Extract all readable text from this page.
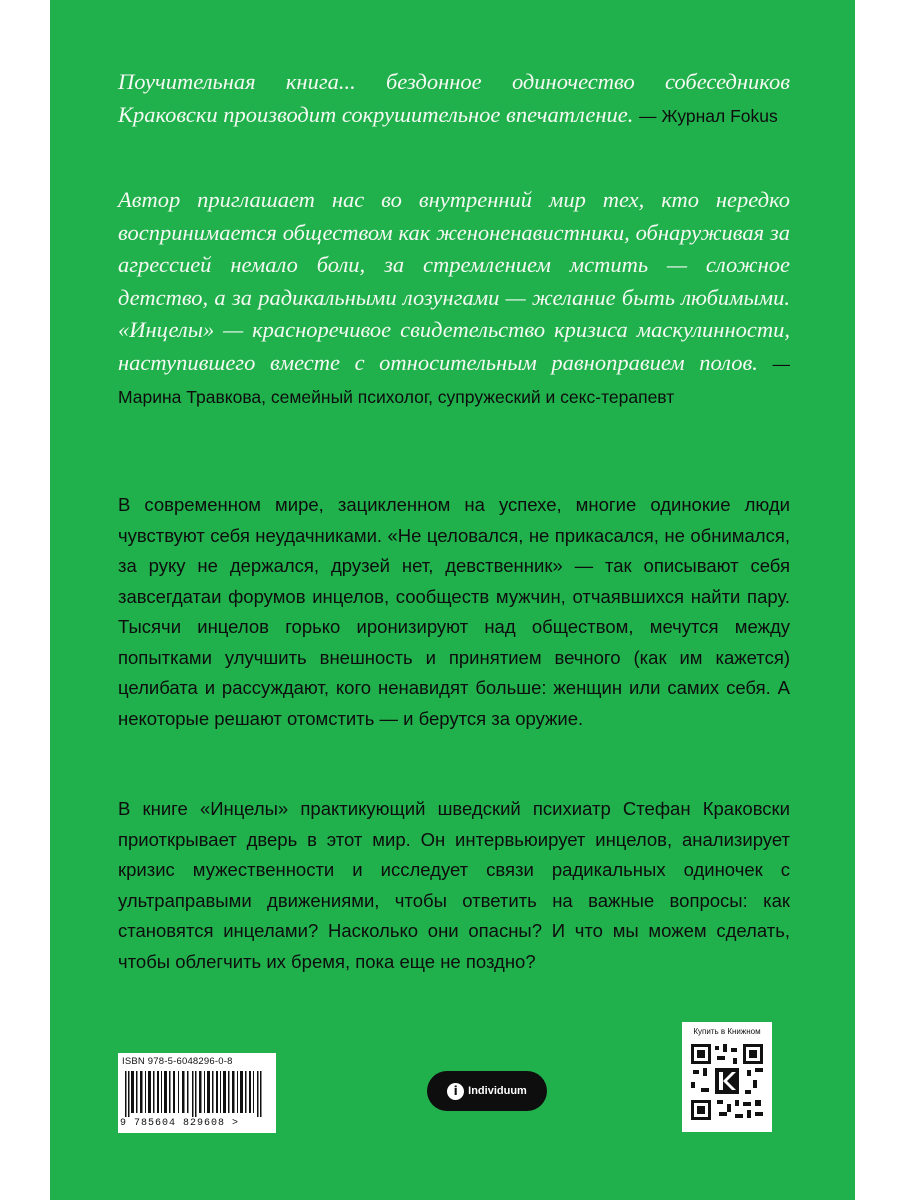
Поучительная книга... бездонное одиночество собеседников Краковски производит сокрушительное впечатление. — Журнал Fokus
Автор приглашает нас во внутренний мир тех, кто нередко воспринимается обществом как женоненавистники, обнаруживая за агрессией немало боли, за стремлением мстить — сложное детство, а за радикальными лозунгами — желание быть любимыми. «Инцелы» — красноречивое свидетельство кризиса маскулинности, наступившего вместе с относительным равноправием полов. — Марина Травкова, семейный психолог, супружеский и секс-терапевт
В современном мире, зацикленном на успехе, многие одинокие люди чувствуют себя неудачниками. «Не целовался, не прикасался, не обнимался, за руку не держался, друзей нет, девственник» — так описывают себя завсегдатаи форумов инцелов, сообществ мужчин, отчаявшихся найти пару. Тысячи инцелов горько иронизируют над обществом, мечутся между попытками улучшить внешность и принятием вечного (как им кажется) целибата и рассуждают, кого ненавидят больше: женщин или самих себя. А некоторые решают отомстить — и берутся за оружие.
В книге «Инцелы» практикующий шведский психиатр Стефан Краковски приоткрывает дверь в этот мир. Он интервьюирует инцелов, анализирует кризис мужественности и исследует связи радикальных одиночек с ультраправыми движениями, чтобы ответить на важные вопросы: как становятся инцелами? Насколько они опасны? И что мы можем сделать, чтобы облегчить их бремя, пока еще не поздно?
ISBN 978-5-6048296-0-8
9 785604 829608 >
i Individuum
Купить в Книжном
